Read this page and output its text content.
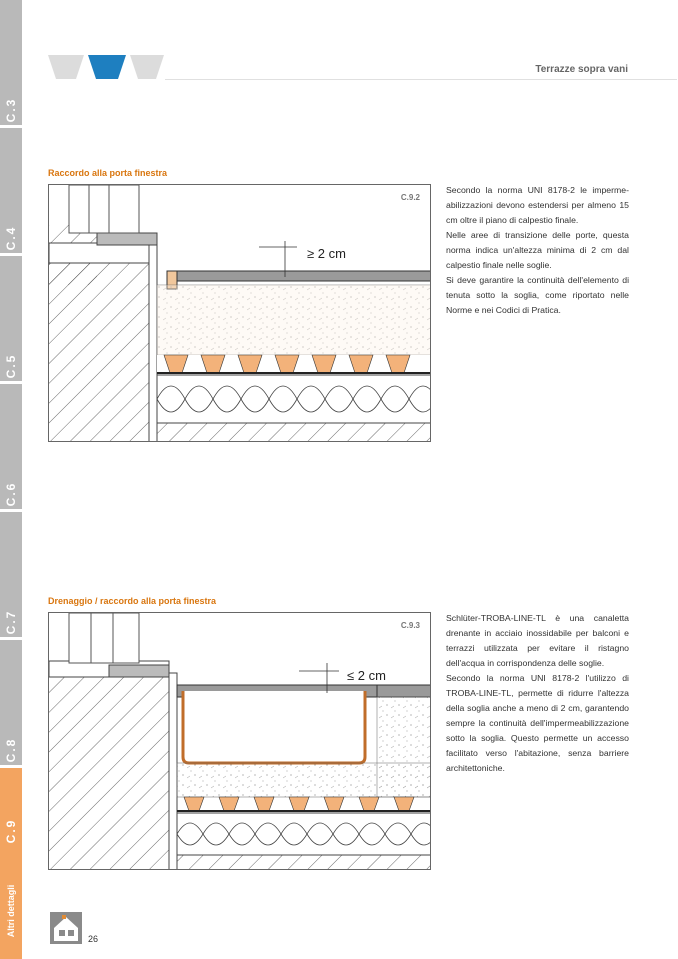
C.3
C.4
C.5
C.6
C.7
C.8
C.9
Altri dettagli
Terrazze sopra vani
Raccordo alla porta finestra
C.9.2
≥ 2 cm

Secondo la norma UNI 8178-2 le imperme-abilizzazioni devono estendersi per almeno 15 cm oltre il piano di calpestio finale.

Nelle aree di transizione delle porte, questa norma indica un'altezza minima di 2 cm dal calpestio finale nelle soglie.

Si deve garantire la continuità dell'elemento di tenuta sotto la soglia, come riportato nelle Norme e nei Codici di Pratica.

Drenaggio / raccordo alla porta finestra
C.9.3
≤ 2 cm

Schlüter-TROBA-LINE-TL è una canaletta drenante in acciaio inossidabile per balconi e terrazzi utilizzata per evitare il ristagno dell'acqua in corrispondenza delle soglie.

Secondo la norma UNI 8178-2 l'utilizzo di TROBA-LINE-TL, permette di ridurre l'altezza della soglia anche a meno di 2 cm, garantendo sempre la continuità dell'impermeabilizzazione sotto la soglia. Questo permette un accesso facilitato verso l'abitazione, senza barriere architettoniche.

26
